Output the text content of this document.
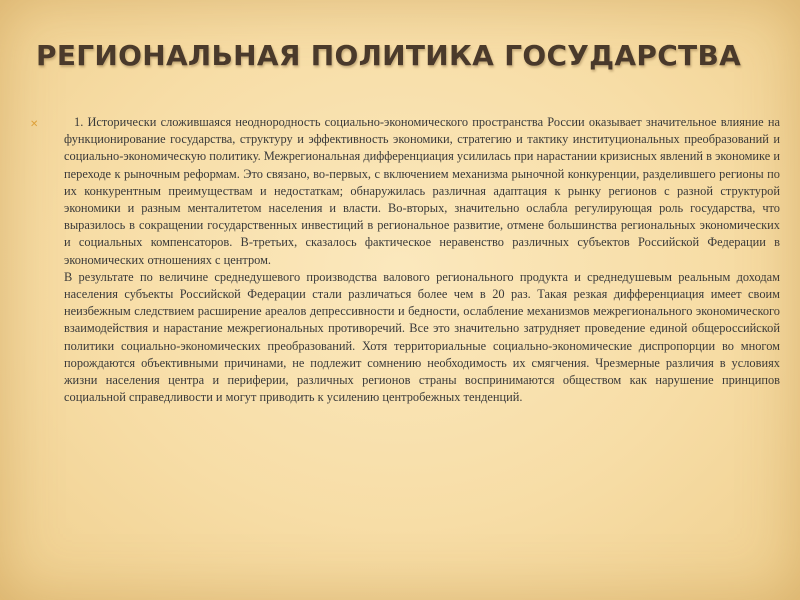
РЕГИОНАЛЬНАЯ ПОЛИТИКА ГОСУДАРСТВА
✕	1. Исторически сложившаяся неоднородность социально-экономического пространства России оказывает значительное влияние на функционирование государства, структуру и эффективность экономики, стратегию и тактику институциональных преобразований и социально-экономическую политику. Межрегиональная дифференциация усилилась при нарастании кризисных явлений в экономике и переходе к рыночным реформам. Это связано, во-первых, с включением механизма рыночной конкуренции, разделившего регионы по их конкурентным преимуществам и недостаткам; обнаружилась различная адаптация к рынку регионов с разной структурой экономики и разным менталитетом населения и власти. Во-вторых, значительно ослабла регулирующая роль государства, что выразилось в сокращении государственных инвестиций в региональное развитие, отмене большинства региональных экономических и социальных компенсаторов. В-третьих, сказалось фактическое неравенство различных субъектов Российской Федерации в экономических отношениях с центром.

В результате по величине среднедушевого производства валового регионального продукта и среднедушевым реальным доходам населения субъекты Российской Федерации стали различаться более чем в 20 раз. Такая резкая дифференциация имеет своим неизбежным следствием расширение ареалов депрессивности и бедности, ослабление механизмов межрегионального экономического взаимодействия и нарастание межрегиональных противоречий. Все это значительно затрудняет проведение единой общероссийской политики социально-экономических преобразований. Хотя территориальные социально-экономические диспропорции во многом порождаются объективными причинами, не подлежит сомнению необходимость их смягчения. Чрезмерные различия в условиях жизни населения центра и периферии, различных регионов страны воспринимаются обществом как нарушение принципов социальной справедливости и могут приводить к усилению центробежных тенденций.
